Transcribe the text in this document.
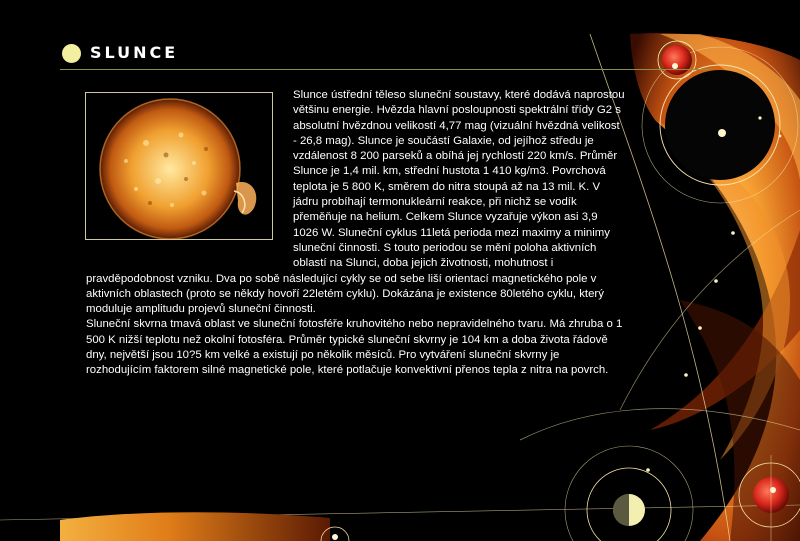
SLUNCE

Slunce ústřední těleso sluneční soustavy, které dodává naprostou většinu energie. Hvězda hlavní posloupnosti spektrální třídy G2 s absolutní hvězdnou velikostí 4,77 mag (vizuální hvězdná velikost - 26,8 mag). Slunce je součástí Galaxie, od jejíhož středu je vzdálenost 8 200 parseků a obíhá jej rychlostí 220 km/s. Průměr Slunce je 1,4 mil. km, střední hustota 1 410 kg/m3. Povrchová teplota je 5 800 K, směrem do nitra stoupá až na 13 mil. K. V jádru probíhají termonukleární reakce, při nichž se vodík přeměňuje na helium. Celkem Slunce vyzařuje výkon asi 3,9 1026 W. Sluneční cyklus 11letá perioda mezi maximy a minimy sluneční činnosti. S touto periodou se mění poloha aktivních oblastí na Slunci, doba jejich životnosti, mohutnost i pravděpodobnost vzniku. Dva po sobě následující cykly se od sebe liší orientací magnetického pole v aktivních oblastech (proto se někdy hovoří 22letém cyklu). Dokázána je existence 80letého cyklu, který moduluje amplitudu projevů sluneční činnosti.

Sluneční skvrna tmavá oblast ve sluneční fotosféře kruhovitého nebo nepravidelného tvaru. Má zhruba o 1 500 K nižší teplotu než okolní fotosféra. Průměr typické sluneční skvrny je 104 km a doba života řádově dny, největší jsou 10?5 km velké a existují po několik měsíců. Pro vytváření sluneční skvrny je rozhodujícím faktorem silné magnetické pole, které potlačuje konvektivní přenos tepla z nitra na povrch.
